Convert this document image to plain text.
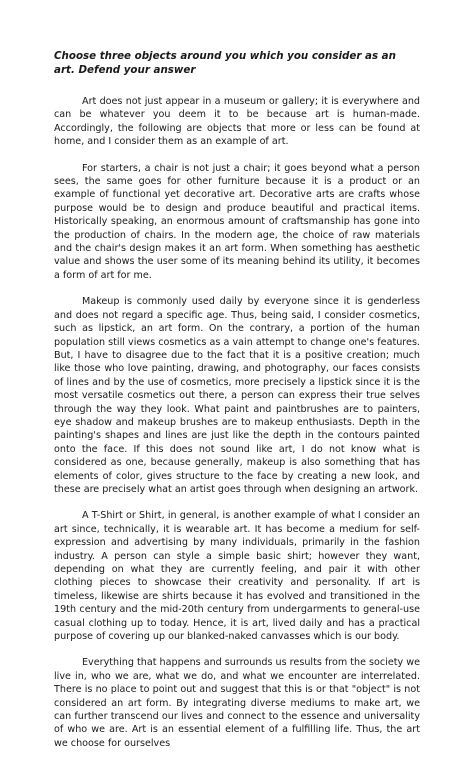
Choose three objects around you which you consider as an art. Defend your answer

Art does not just appear in a museum or gallery; it is everywhere and can be whatever you deem it to be because art is human-made. Accordingly, the following are objects that more or less can be found at home, and I consider them as an example of art.

For starters, a chair is not just a chair; it goes beyond what a person sees, the same goes for other furniture because it is a product or an example of functional yet decorative art. Decorative arts are crafts whose purpose would be to design and produce beautiful and practical items. Historically speaking, an enormous amount of craftsmanship has gone into the production of chairs. In the modern age, the choice of raw materials and the chair's design makes it an art form. When something has aesthetic value and shows the user some of its meaning behind its utility, it becomes a form of art for me.

Makeup is commonly used daily by everyone since it is genderless and does not regard a specific age. Thus, being said, I consider cosmetics, such as lipstick, an art form. On the contrary, a portion of the human population still views cosmetics as a vain attempt to change one's features. But, I have to disagree due to the fact that it is a positive creation; much like those who love painting, drawing, and photography, our faces consists of lines and by the use of cosmetics, more precisely a lipstick since it is the most versatile cosmetics out there, a person can express their true selves through the way they look. What paint and paintbrushes are to painters, eye shadow and makeup brushes are to makeup enthusiasts. Depth in the painting's shapes and lines are just like the depth in the contours painted onto the face. If this does not sound like art, I do not know what is considered as one, because generally, makeup is also something that has elements of color, gives structure to the face by creating a new look, and these are precisely what an artist goes through when designing an artwork.

A T-Shirt or Shirt, in general, is another example of what I consider an art since, technically, it is wearable art. It has become a medium for self-expression and advertising by many individuals, primarily in the fashion industry. A person can style a simple basic shirt; however they want, depending on what they are currently feeling, and pair it with other clothing pieces to showcase their creativity and personality. If art is timeless, likewise are shirts because it has evolved and transitioned in the 19th century and the mid-20th century from undergarments to general-use casual clothing up to today. Hence, it is art, lived daily and has a practical purpose of covering up our blanked-naked canvasses which is our body.

Everything that happens and surrounds us results from the society we live in, who we are, what we do, and what we encounter are interrelated. There is no place to point out and suggest that this is or that "object" is not considered an art form. By integrating diverse mediums to make art, we can further transcend our lives and connect to the essence and universality of who we are. Art is an essential element of a fulfilling life. Thus, the art we choose for ourselves
